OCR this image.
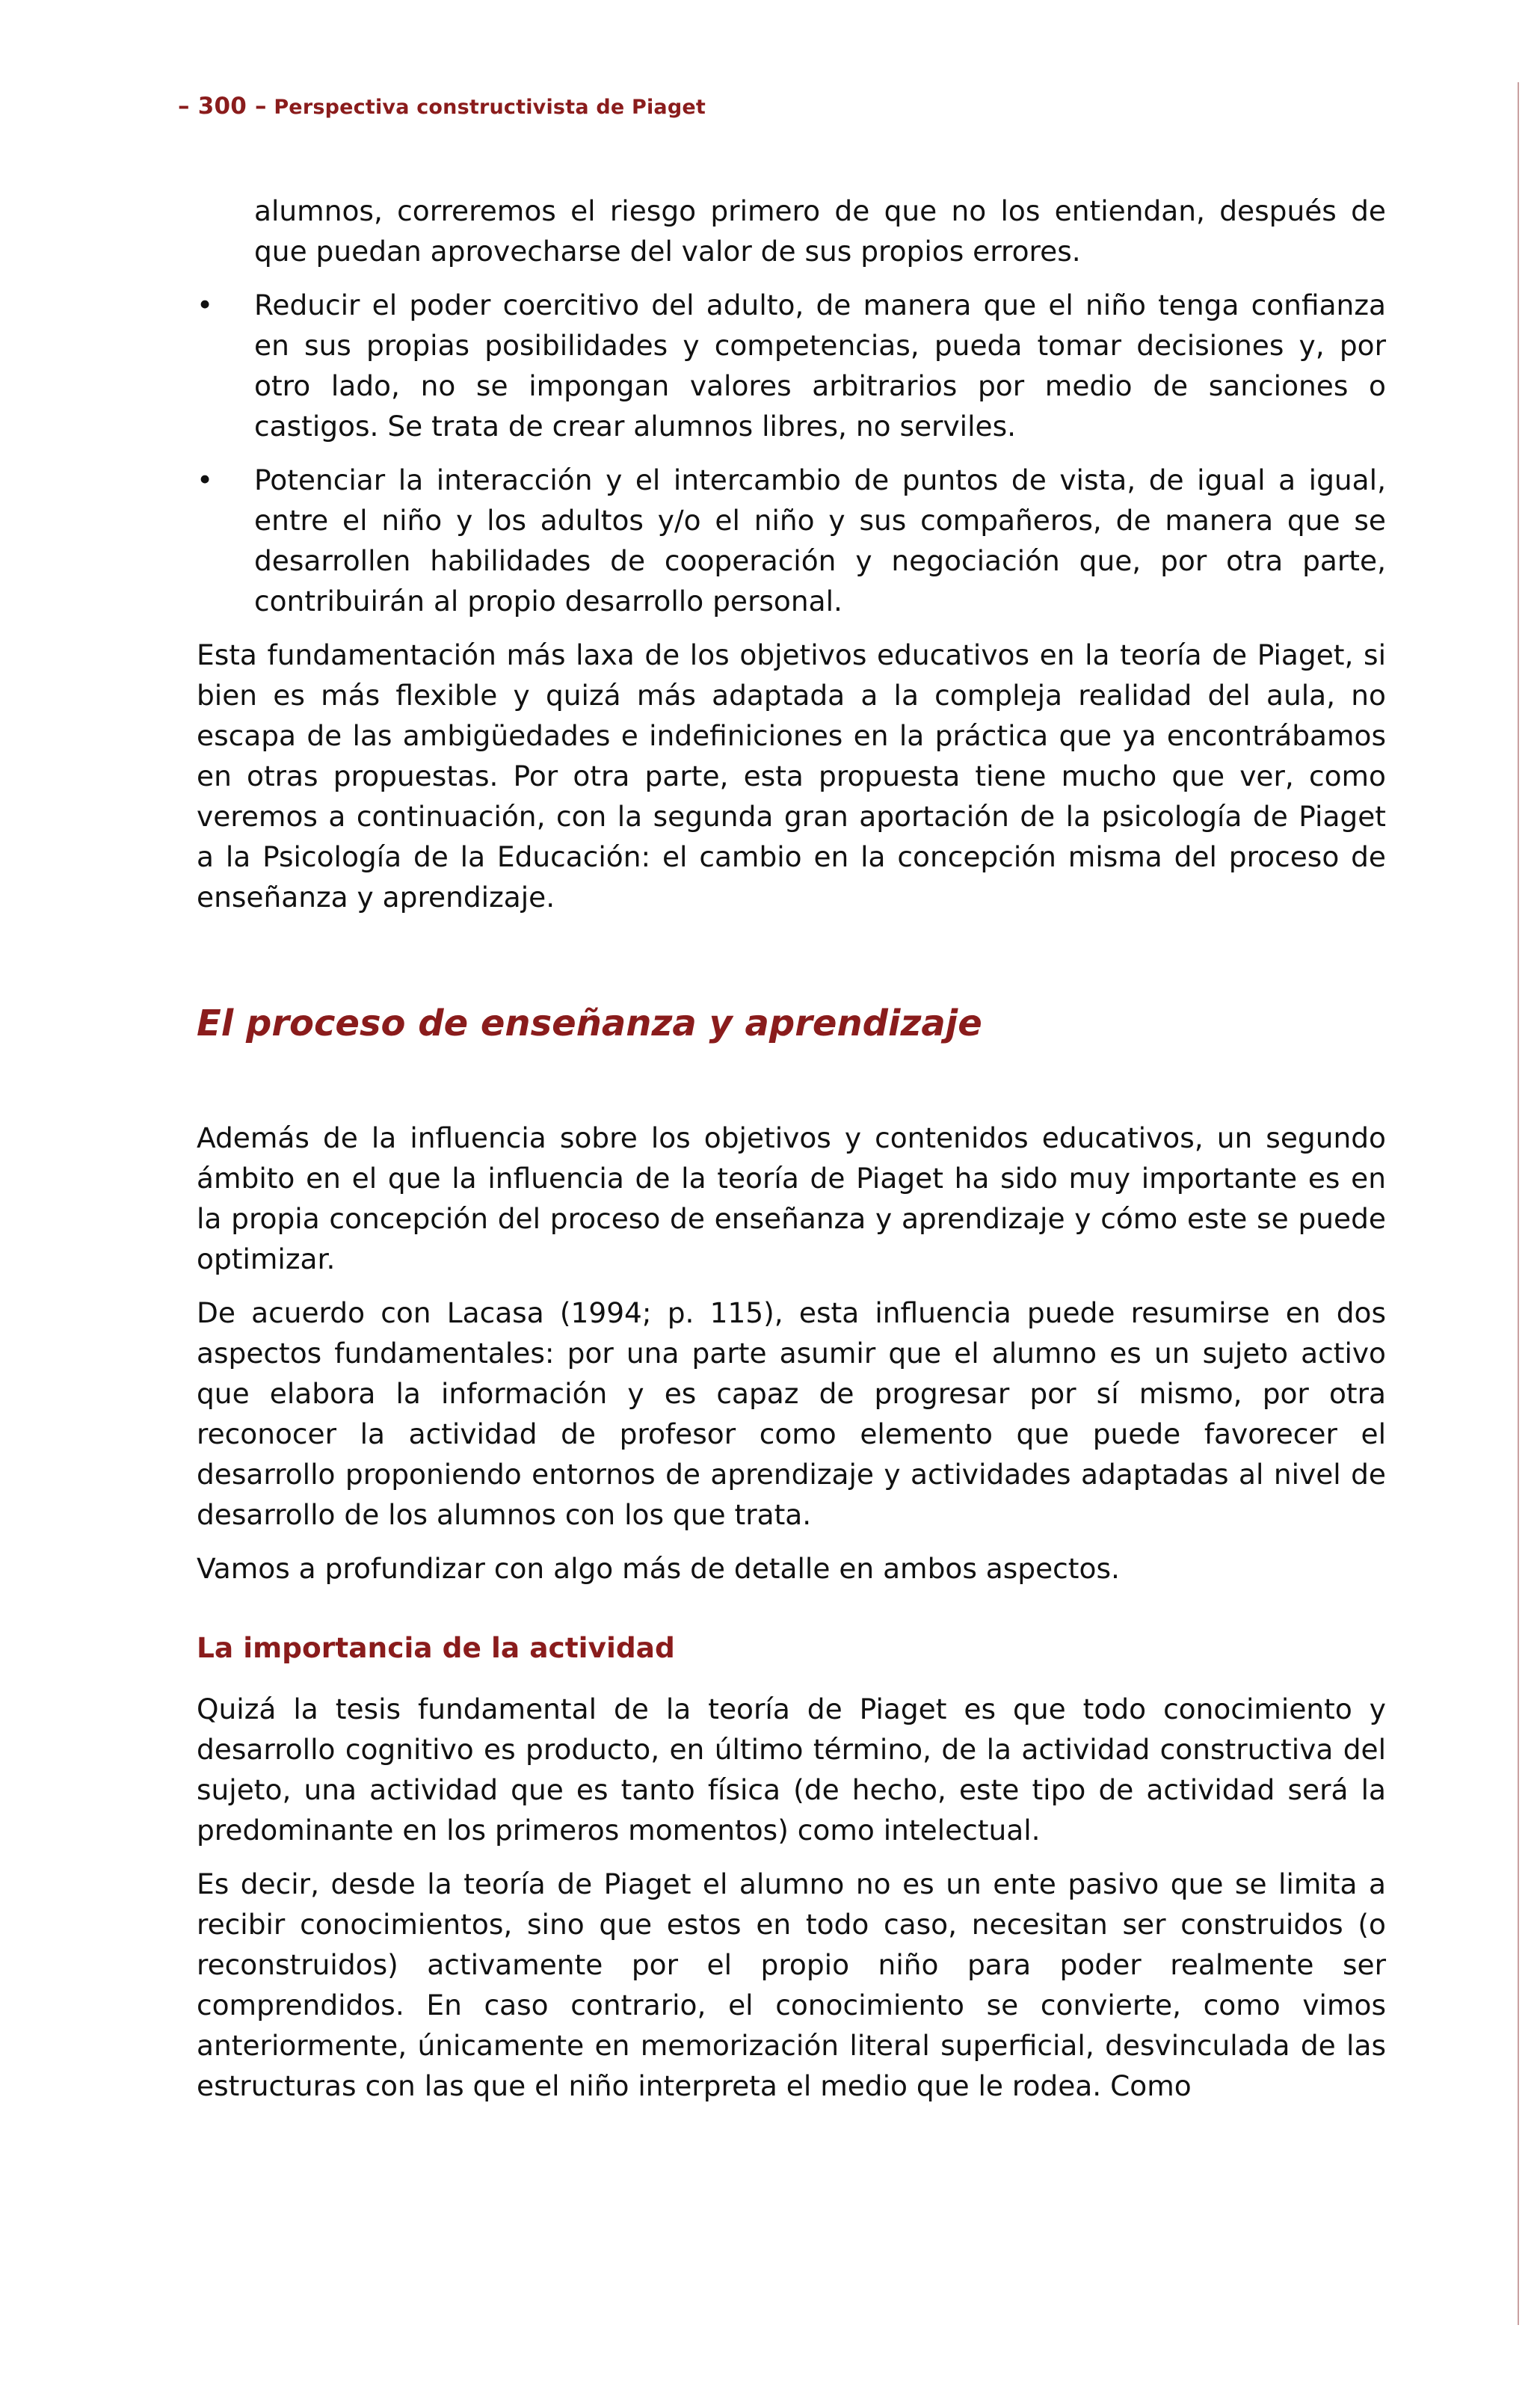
– 300 – Perspectiva constructivista de Piaget

alumnos, correremos el riesgo primero de que no los entiendan, después de que puedan aprovecharse del valor de sus propios errores.

• Reducir el poder coercitivo del adulto, de manera que el niño tenga confianza en sus propias posibilidades y competencias, pueda tomar decisiones y, por otro lado, no se impongan valores arbitrarios por medio de sanciones o castigos. Se trata de crear alumnos libres, no serviles.

• Potenciar la interacción y el intercambio de puntos de vista, de igual a igual, entre el niño y los adultos y/o el niño y sus compañeros, de manera que se desarrollen habilidades de cooperación y negociación que, por otra parte, contribuirán al propio desarrollo personal.

Esta fundamentación más laxa de los objetivos educativos en la teoría de Piaget, si bien es más flexible y quizá más adaptada a la compleja realidad del aula, no escapa de las ambigüedades e indefiniciones en la práctica que ya encontrábamos en otras propuestas. Por otra parte, esta propuesta tiene mucho que ver, como veremos a continuación, con la segunda gran aportación de la psicología de Piaget a la Psicología de la Educación: el cambio en la concepción misma del proceso de enseñanza y aprendizaje.

El proceso de enseñanza y aprendizaje

Además de la influencia sobre los objetivos y contenidos educativos, un segundo ámbito en el que la influencia de la teoría de Piaget ha sido muy importante es en la propia concepción del proceso de enseñanza y aprendizaje y cómo este se puede optimizar.

De acuerdo con Lacasa (1994; p. 115), esta influencia puede resumirse en dos aspectos fundamentales: por una parte asumir que el alumno es un sujeto activo que elabora la información y es capaz de progresar por sí mismo, por otra reconocer la actividad de profesor como elemento que puede favorecer el desarrollo proponiendo entornos de aprendizaje y actividades adaptadas al nivel de desarrollo de los alumnos con los que trata.

Vamos a profundizar con algo más de detalle en ambos aspectos.

La importancia de la actividad

Quizá la tesis fundamental de la teoría de Piaget es que todo conocimiento y desarrollo cognitivo es producto, en último término, de la actividad constructiva del sujeto, una actividad que es tanto física (de hecho, este tipo de actividad será la predominante en los primeros momentos) como intelectual.

Es decir, desde la teoría de Piaget el alumno no es un ente pasivo que se limita a recibir conocimientos, sino que estos en todo caso, necesitan ser construidos (o reconstruidos) activamente por el propio niño para poder realmente ser comprendidos. En caso contrario, el conocimiento se convierte, como vimos anteriormente, únicamente en memorización literal superficial, desvinculada de las estructuras con las que el niño interpreta el medio que le rodea. Como
